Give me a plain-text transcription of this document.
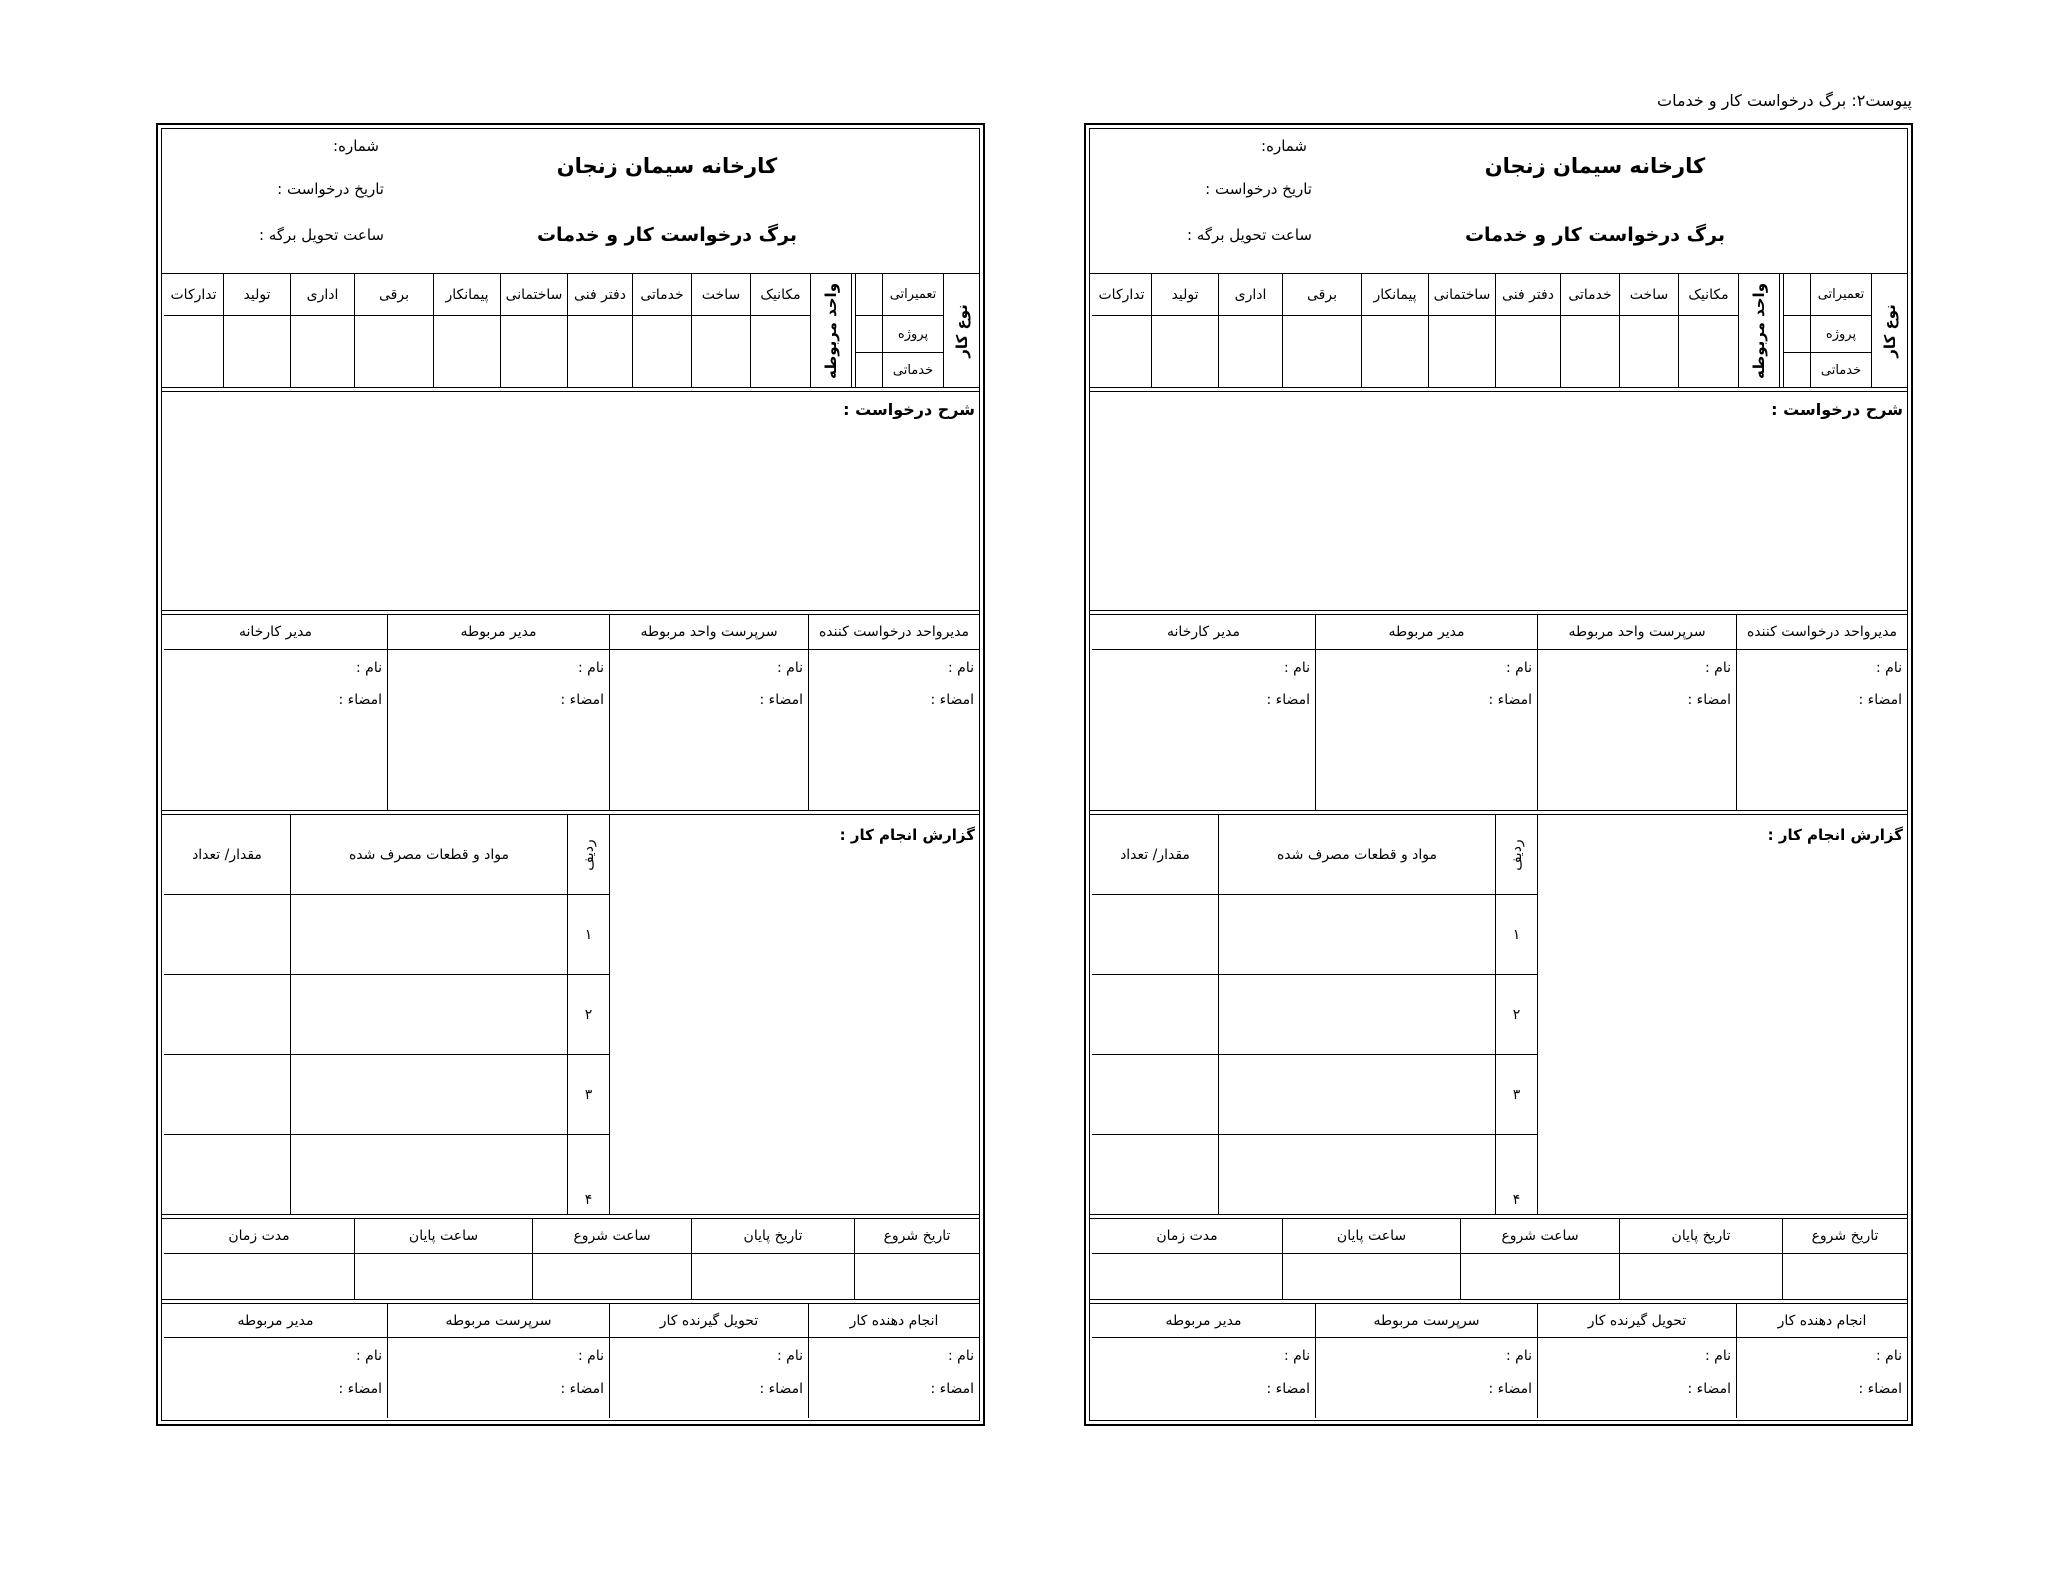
پیوست۲: برگ درخواست کار و خدمات
کارخانه سیمان زنجان
برگ درخواست کار و خدمات
شماره:
تاریخ درخواست :
ساعت تحویل برگه :
نوع کار
تعمیراتی
پروژه
خدماتی
واحد مربوطه
مکانیک
ساخت
خدماتی
دفتر فنی
ساختمانی
پیمانکار
برقی
اداری
تولید
تدارکات
شرح درخواست :
مدیرواحد درخواست کننده
نام :
امضاء :
سرپرست واحد مربوطه
نام :
امضاء :
مدیر مربوطه
نام :
امضاء :
مدیر کارخانه
نام :
امضاء :
گزارش انجام کار :
ردیف
مواد و قطعات مصرف شده
مقدار/ تعداد
۱
۲
۳
۴
تاریخ شروع
تاریخ پایان
ساعت شروع
ساعت پایان
مدت زمان
انجام دهنده کار
نام :
امضاء :
تحویل گیرنده کار
نام :
امضاء :
سرپرست مربوطه
نام :
امضاء :
مدیر مربوطه
نام :
امضاء :
کارخانه سیمان زنجان
برگ درخواست کار و خدمات
شماره:
تاریخ درخواست :
ساعت تحویل برگه :
نوع کار
تعمیراتی
پروژه
خدماتی
واحد مربوطه
مکانیک
ساخت
خدماتی
دفتر فنی
ساختمانی
پیمانکار
برقی
اداری
تولید
تدارکات
شرح درخواست :
مدیرواحد درخواست کننده
نام :
امضاء :
سرپرست واحد مربوطه
نام :
امضاء :
مدیر مربوطه
نام :
امضاء :
مدیر کارخانه
نام :
امضاء :
گزارش انجام کار :
ردیف
مواد و قطعات مصرف شده
مقدار/ تعداد
۱
۲
۳
۴
تاریخ شروع
تاریخ پایان
ساعت شروع
ساعت پایان
مدت زمان
انجام دهنده کار
نام :
امضاء :
تحویل گیرنده کار
نام :
امضاء :
سرپرست مربوطه
نام :
امضاء :
مدیر مربوطه
نام :
امضاء :
